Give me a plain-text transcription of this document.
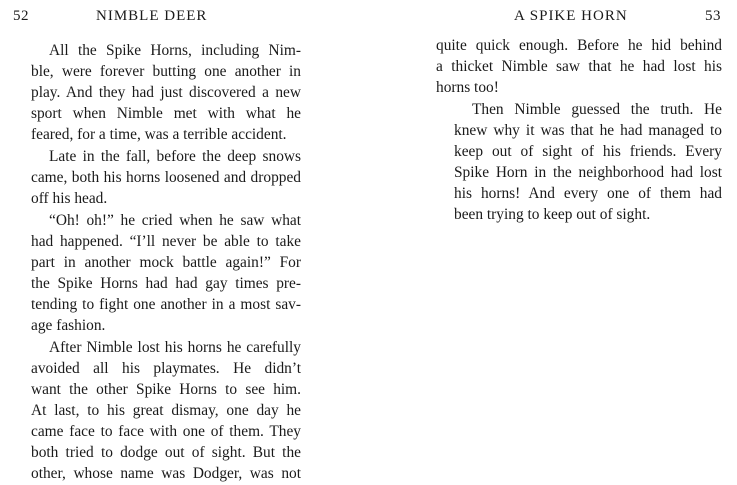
52	NIMBLE DEER

All the Spike Horns, including Nim-
ble, were forever butting one another in
play. And they had just discovered a new
sport when Nimble met with what he
feared, for a time, was a terrible accident.

Late in the fall, before the deep snows
came, both his horns loosened and dropped
off his head.

“Oh! oh!” he cried when he saw what
had happened. “I’ll never be able to take
part in another mock battle again!” For
the Spike Horns had had gay times pre-
tending to fight one another in a most sav-
age fashion.

After Nimble lost his horns he carefully
avoided all his playmates. He didn’t
want the other Spike Horns to see him.
At last, to his great dismay, one day he
came face to face with one of them. They
both tried to dodge out of sight. But the
other, whose name was Dodger, was not

A SPIKE HORN	53

quite quick enough. Before he hid behind
a thicket Nimble saw that he had lost his
horns too!

Then Nimble guessed the truth. He
knew why it was that he had managed to
keep out of sight of his friends. Every
Spike Horn in the neighborhood had lost
his horns! And every one of them had
been trying to keep out of sight.
